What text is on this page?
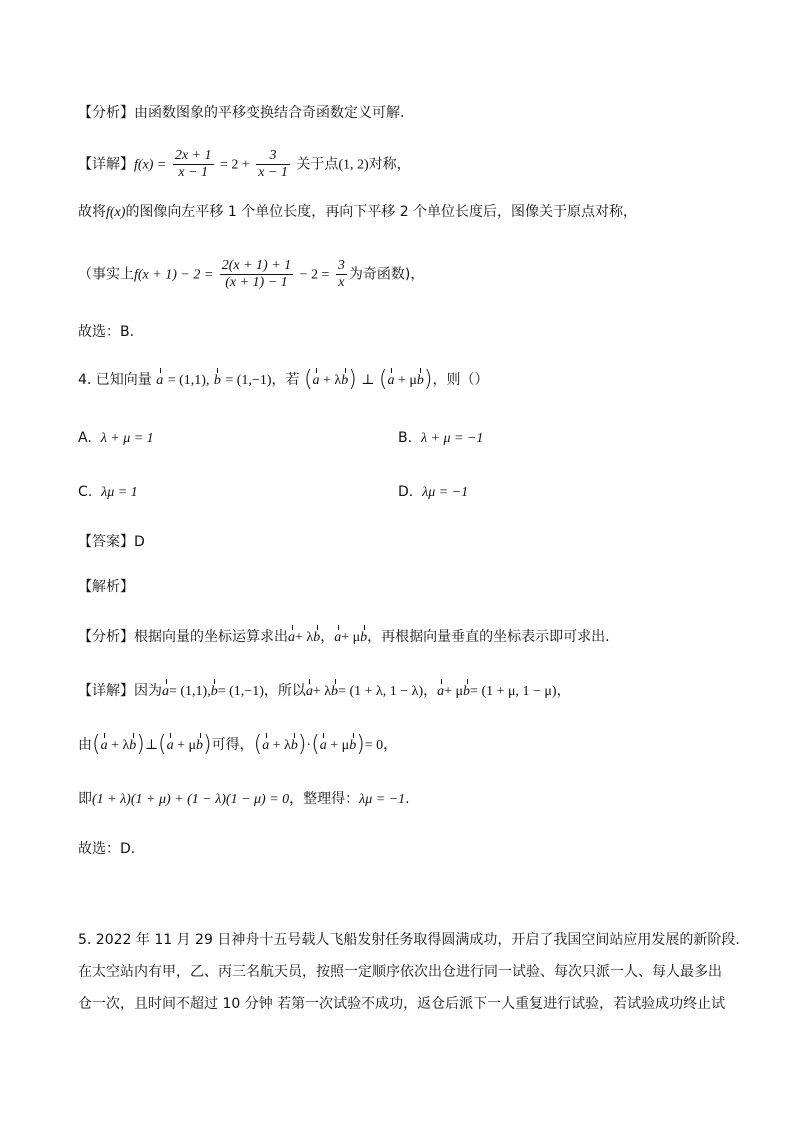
【分析】由函数图象的平移变换结合奇函数定义可解.
【详解】$f(x) = \frac{2x + 1}{x - 1} = 2 + \frac{3}{x - 1}$ 关于点(1, 2)对称，
故将f(x)的图像向左平移 1 个单位长度，再向下平移 2 个单位长度后，图像关于原点对称，
（事实上$f(x + 1) - 2 = \frac{2(x + 1) + 1}{(x + 1) - 1} - 2 = \frac{3}{x}$ 为奇函数)，
故选：B.
4. 已知向量 a = (1,1), b = (1,−1)，若 (a + λb) ⊥ (a + μb)，则（）
A. λ + μ = 1	B. λ + μ = −1
C. λμ = 1	D. λμ = −1
【答案】D
【解析】
【分析】根据向量的坐标运算求出a+ λb，a+ μb，再根据向量垂直的坐标表示即可求出.
【详解】因为a= (1,1),b= (1,−1)，所以a+ λb= (1 + λ, 1 − λ)，a+ μb= (1 + μ, 1 − μ)，
由(a + λb)⊥(a + μb)可得，(a + λb)·(a + μb)= 0，
即(1 + λ)(1 + μ) + (1 − λ)(1 − μ) = 0，整理得：λμ = −1.
故选：D.
5. 2022 年 11 月 29 日神舟十五号载人飞船发射任务取得圆满成功，开启了我国空间站应用发展的新阶段.
在太空站内有甲，乙、丙三名航天员，按照一定顺序依次出仓进行同一试验、每次只派一人、每人最多出
仓一次，且时间不超过 10 分钟 若第一次试验不成功，返仓后派下一人重复进行试验，若试验成功终止试
